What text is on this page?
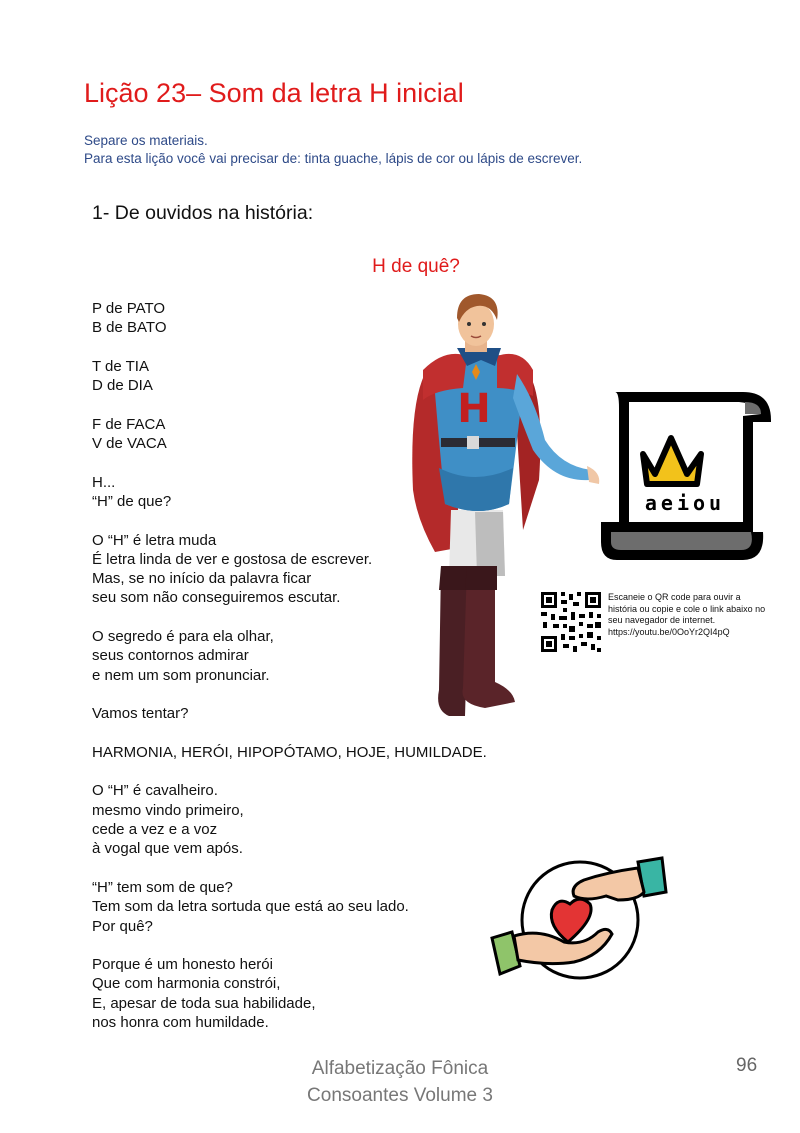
Lição 23– Som da letra H inicial
Separe os materiais.
Para esta lição você vai precisar de: tinta guache, lápis de cor ou lápis de escrever.
1- De ouvidos na história:
H de quê?
P de PATO
B de BATO
T de TIA
D de DIA
F de FACA
V de VACA
H...
“H” de que?
O “H” é letra muda
É letra linda de ver e gostosa de escrever.
Mas, se no início da palavra ficar
seu som não conseguiremos escutar.
O segredo é para ela olhar,
seus contornos admirar
e nem um som pronunciar.
Vamos tentar?
HARMONIA, HERÓI, HIPOPÓTAMO, HOJE, HUMILDADE.
O “H” é cavalheiro.
mesmo vindo primeiro,
cede a vez e a voz
à vogal que vem após.
“H” tem som de que?
Tem som da letra sortuda que está ao seu lado.
Por quê?
Porque é um honesto herói
Que com harmonia constrói,
E, apesar de toda sua habilidade,
nos honra com humildade.
H
aeiou
Escaneie o QR code para ouvir a história ou copie e cole o link abaixo no seu navegador de internet.
https://youtu.be/0OoYr2QI4pQ
Alfabetização Fônica
Consoantes Volume 3
96
